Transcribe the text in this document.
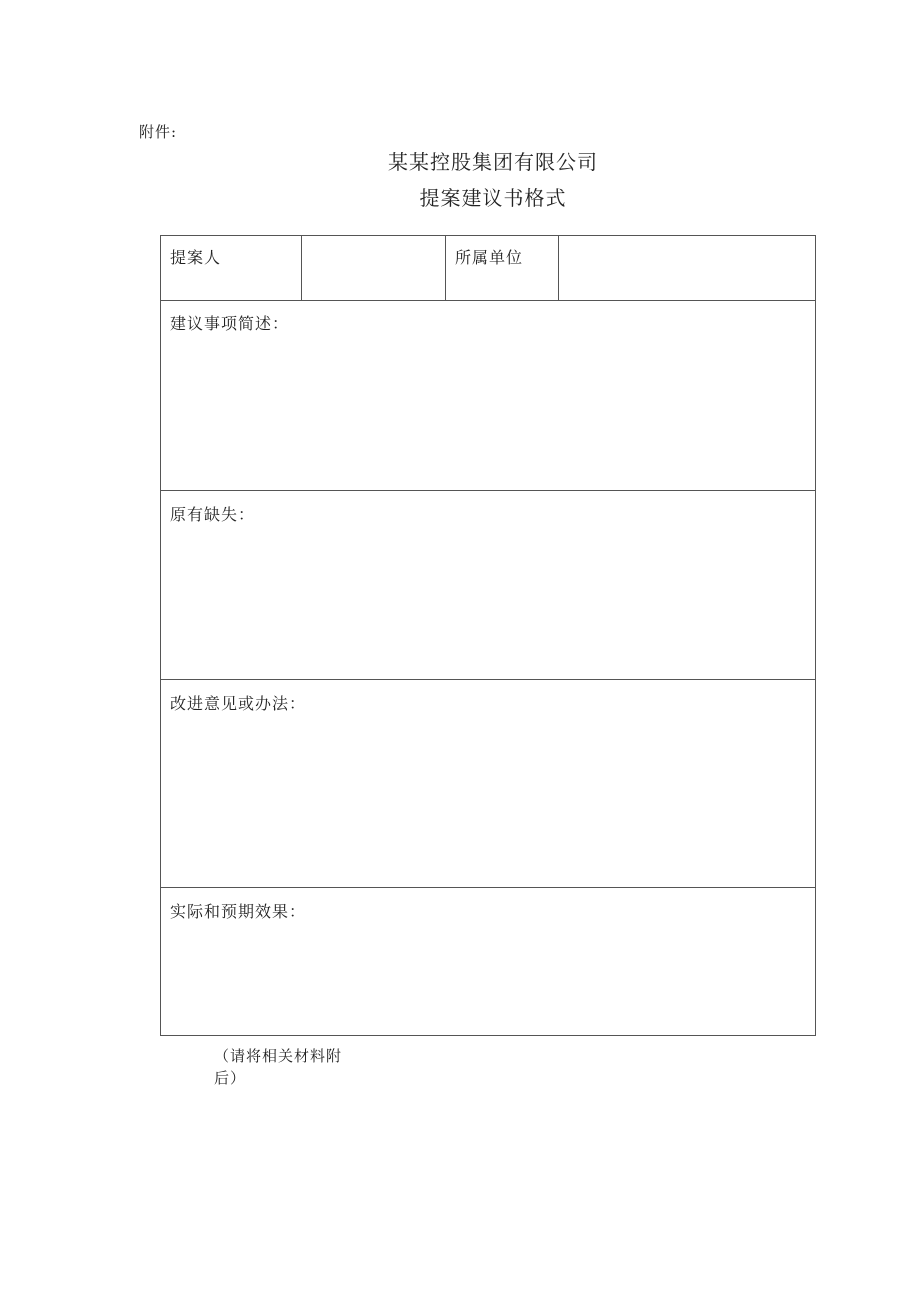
附件:
某某控股集团有限公司
提案建议书格式
提案人	所属单位
建议事项简述：
原有缺失：
改进意见或办法：
实际和预期效果：
（请将相关材料附
后）
